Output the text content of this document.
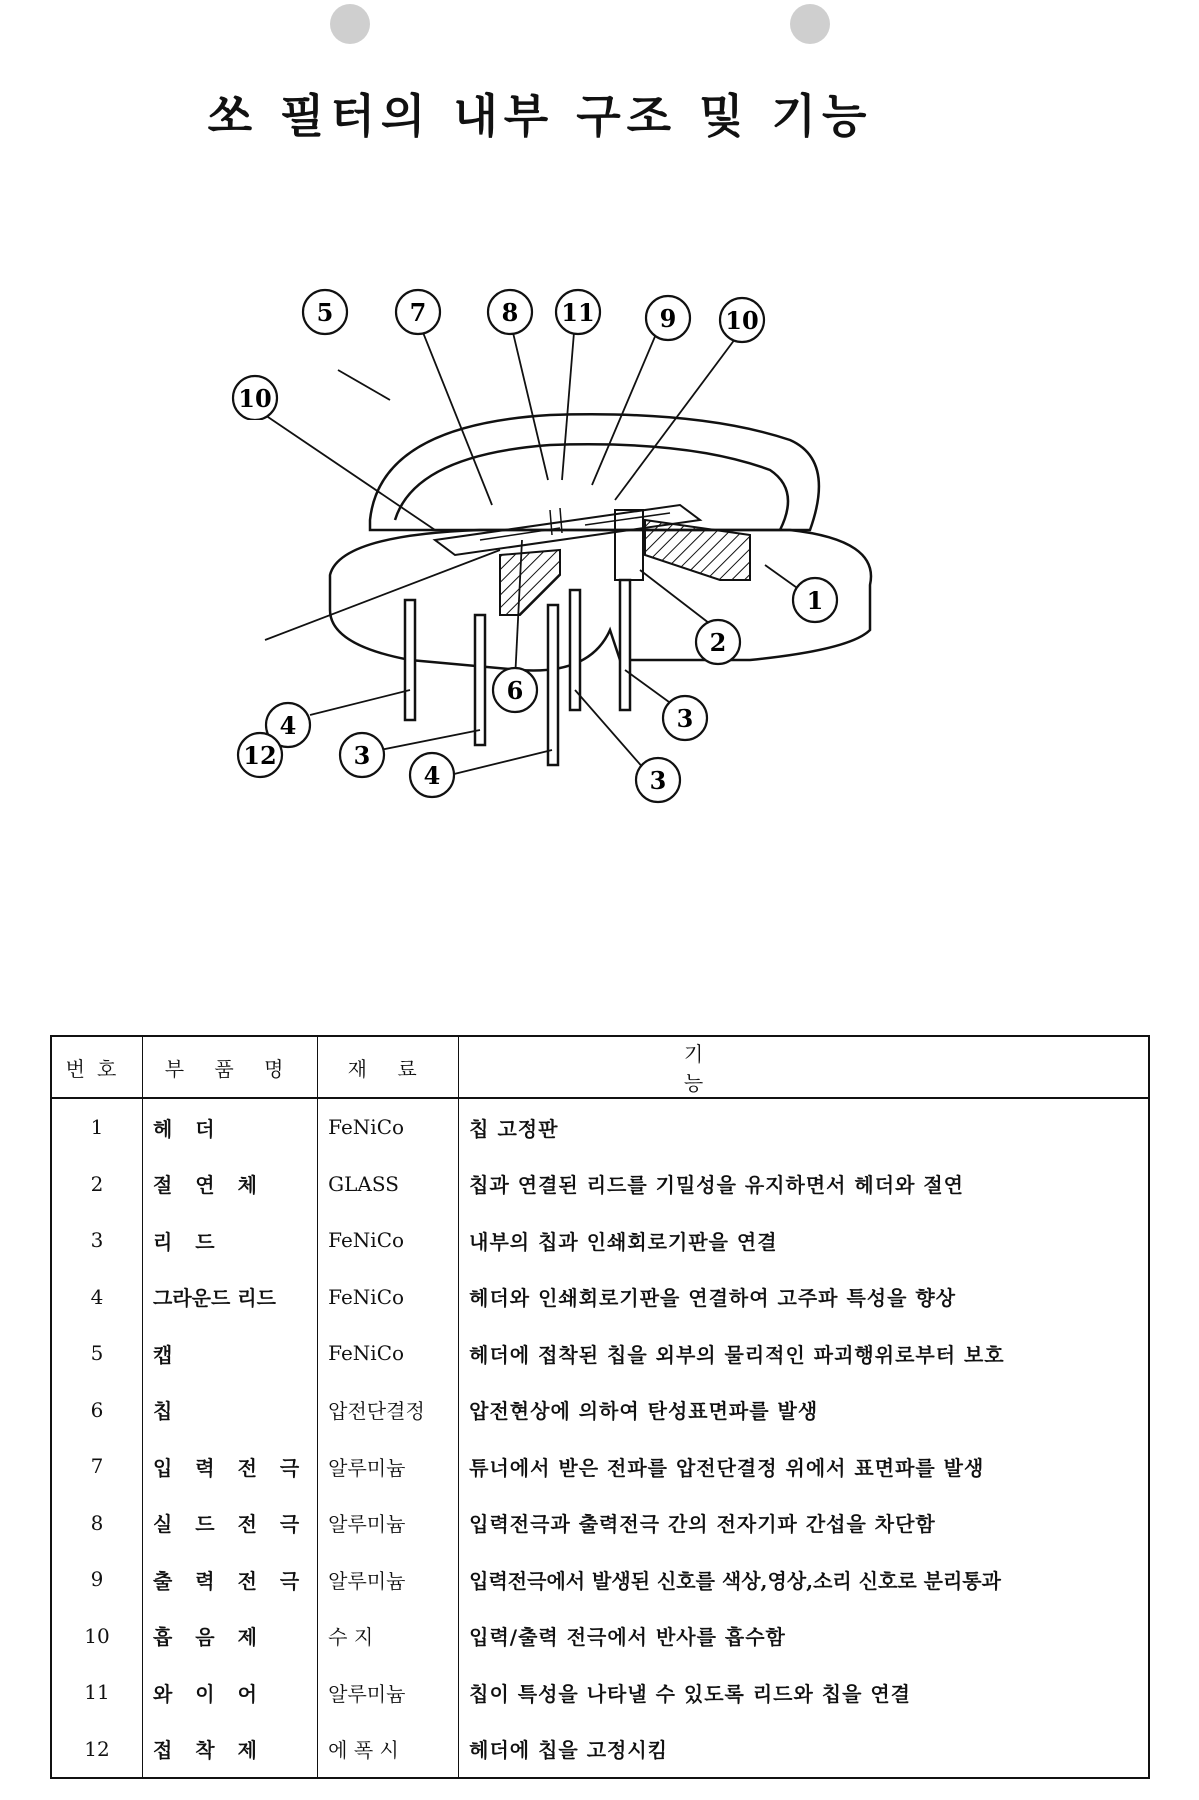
쏘 필터의 내부 구조 및 기능
1
2
3
3
3
4
4
6
5	7	8 11	9 10
10
12
번호	부 품 명	재 료	기 능
1	헤 더	FeNiCo	칩 고정판
2	절 연 체	GLASS	칩과 연결된 리드를 기밀성을 유지하면서 헤더와 절연
3	리 드	FeNiCo	내부의 칩과 인쇄회로기판을 연결
4	그라운드 리드	FeNiCo	헤더와 인쇄회로기판을 연결하여 고주파 특성을 향상
5	캡	FeNiCo	헤더에 접착된 칩을 외부의 물리적인 파괴행위로부터 보호
6	칩	압전단결정	압전현상에 의하여 탄성표면파를 발생
7	입 력 전 극	알루미늄	튜너에서 받은 전파를 압전단결정 위에서 표면파를 발생
8	실 드 전 극	알루미늄	입력전극과 출력전극 간의 전자기파 간섭을 차단함
9	출 력 전 극	알루미늄	입력전극에서 발생된 신호를 색상,영상,소리 신호로 분리통과
10	흡 음 제	수 지	입력/출력 전극에서 반사를 흡수함
11	와 이 어	알루미늄	칩이 특성을 나타낼 수 있도록 리드와 칩을 연결
12	접 착 제	에 폭 시	헤더에 칩을 고정시킴
